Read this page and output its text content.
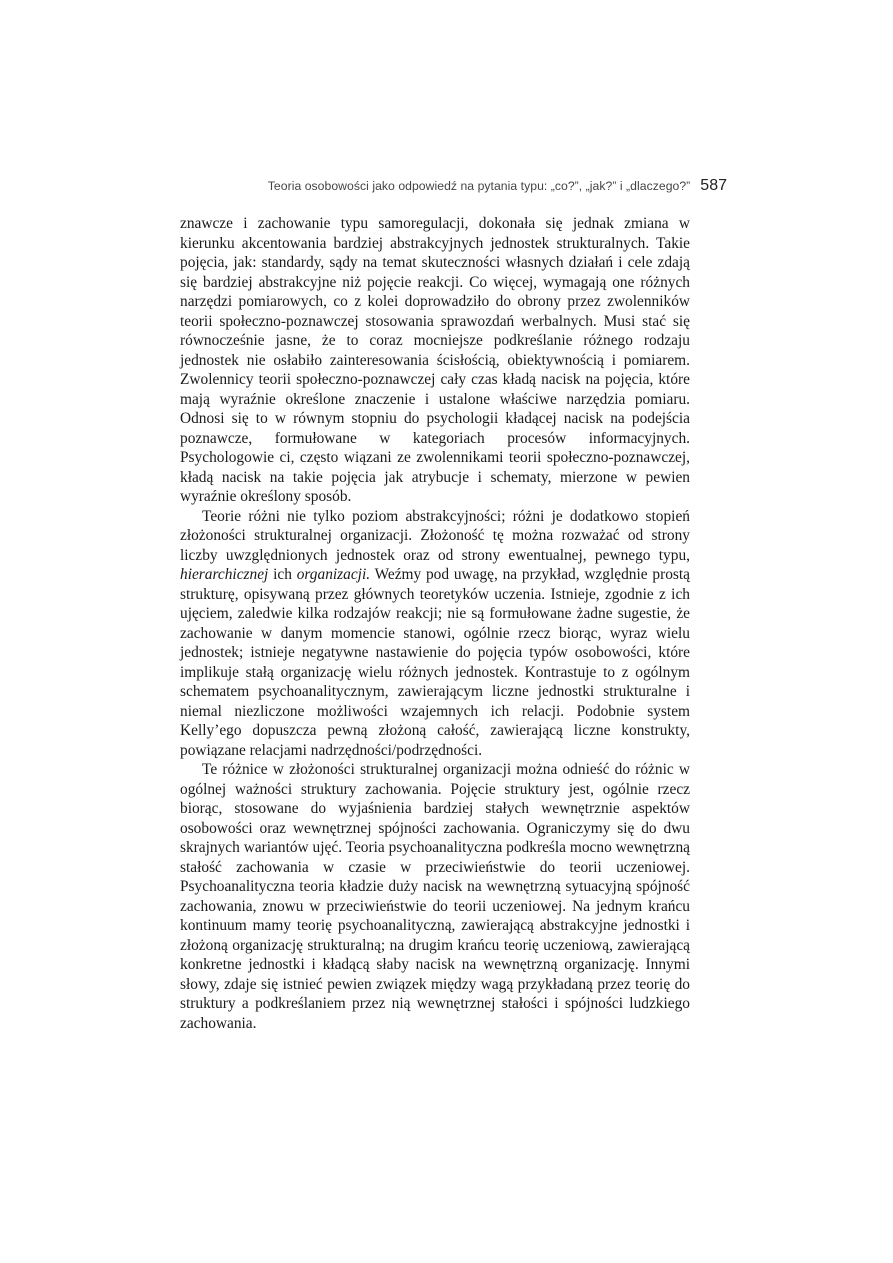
Teoria osobowości jako odpowiedź na pytania typu: „co?”, „jak?” i „dlaczego?” 587

znawcze i zachowanie typu samoregulacji, dokonała się jednak zmiana w kierunku akcentowania bardziej abstrakcyjnych jednostek strukturalnych. Takie pojęcia, jak: standardy, sądy na temat skuteczności własnych działań i cele zdają się bardziej abstrakcyjne niż pojęcie reakcji. Co więcej, wymagają one różnych narzędzi pomiarowych, co z kolei doprowadziło do obrony przez zwolenników teorii społeczno-poznawczej stosowania sprawozdań werbalnych. Musi stać się równocześnie jasne, że to coraz mocniejsze podkreślanie różnego rodzaju jednostek nie osłabiło zainteresowania ścisłością, obiektywnością i pomiarem. Zwolennicy teorii społeczno-poznawczej cały czas kładą nacisk na pojęcia, które mają wyraźnie określone znaczenie i ustalone właściwe narzędzia pomiaru. Odnosi się to w równym stopniu do psychologii kładącej nacisk na podejścia poznawcze, formułowane w kategoriach procesów informacyjnych. Psychologowie ci, często wiązani ze zwolennikami teorii społeczno-poznawczej, kładą nacisk na takie pojęcia jak atrybucje i schematy, mierzone w pewien wyraźnie określony sposób.

Teorie różni nie tylko poziom abstrakcyjności; różni je dodatkowo stopień złożoności strukturalnej organizacji. Złożoność tę można rozważać od strony liczby uwzględnionych jednostek oraz od strony ewentualnej, pewnego typu, hierarchicznej ich organizacji. Weźmy pod uwagę, na przykład, względnie prostą strukturę, opisywaną przez głównych teoretyków uczenia. Istnieje, zgodnie z ich ujęciem, zaledwie kilka rodzajów reakcji; nie są formułowane żadne sugestie, że zachowanie w danym momencie stanowi, ogólnie rzecz biorąc, wyraz wielu jednostek; istnieje negatywne nastawienie do pojęcia typów osobowości, które implikuje stałą organizację wielu różnych jednostek. Kontrastuje to z ogólnym schematem psychoanalitycznym, zawierającym liczne jednostki strukturalne i niemal niezliczone możliwości wzajemnych ich relacji. Podobnie system Kelly’ego dopuszcza pewną złożoną całość, zawierającą liczne konstrukty, powiązane relacjami nadrzędności/podrzędności.

Te różnice w złożoności strukturalnej organizacji można odnieść do różnic w ogólnej ważności struktury zachowania. Pojęcie struktury jest, ogólnie rzecz biorąc, stosowane do wyjaśnienia bardziej stałych wewnętrznie aspektów osobowości oraz wewnętrznej spójności zachowania. Ograniczymy się do dwu skrajnych wariantów ujęć. Teoria psychoanalityczna podkreśla mocno wewnętrzną stałość zachowania w czasie w przeciwieństwie do teorii uczeniowej. Psychoanalityczna teoria kładzie duży nacisk na wewnętrzną sytuacyjną spójność zachowania, znowu w przeciwieństwie do teorii uczeniowej. Na jednym krańcu kontinuum mamy teorię psychoanalityczną, zawierającą abstrakcyjne jednostki i złożoną organizację strukturalną; na drugim krańcu teorię uczeniową, zawierającą konkretne jednostki i kładącą słaby nacisk na wewnętrzną organizację. Innymi słowy, zdaje się istnieć pewien związek między wagą przykładaną przez teorię do struktury a podkreślaniem przez nią wewnętrznej stałości i spójności ludzkiego zachowania.
